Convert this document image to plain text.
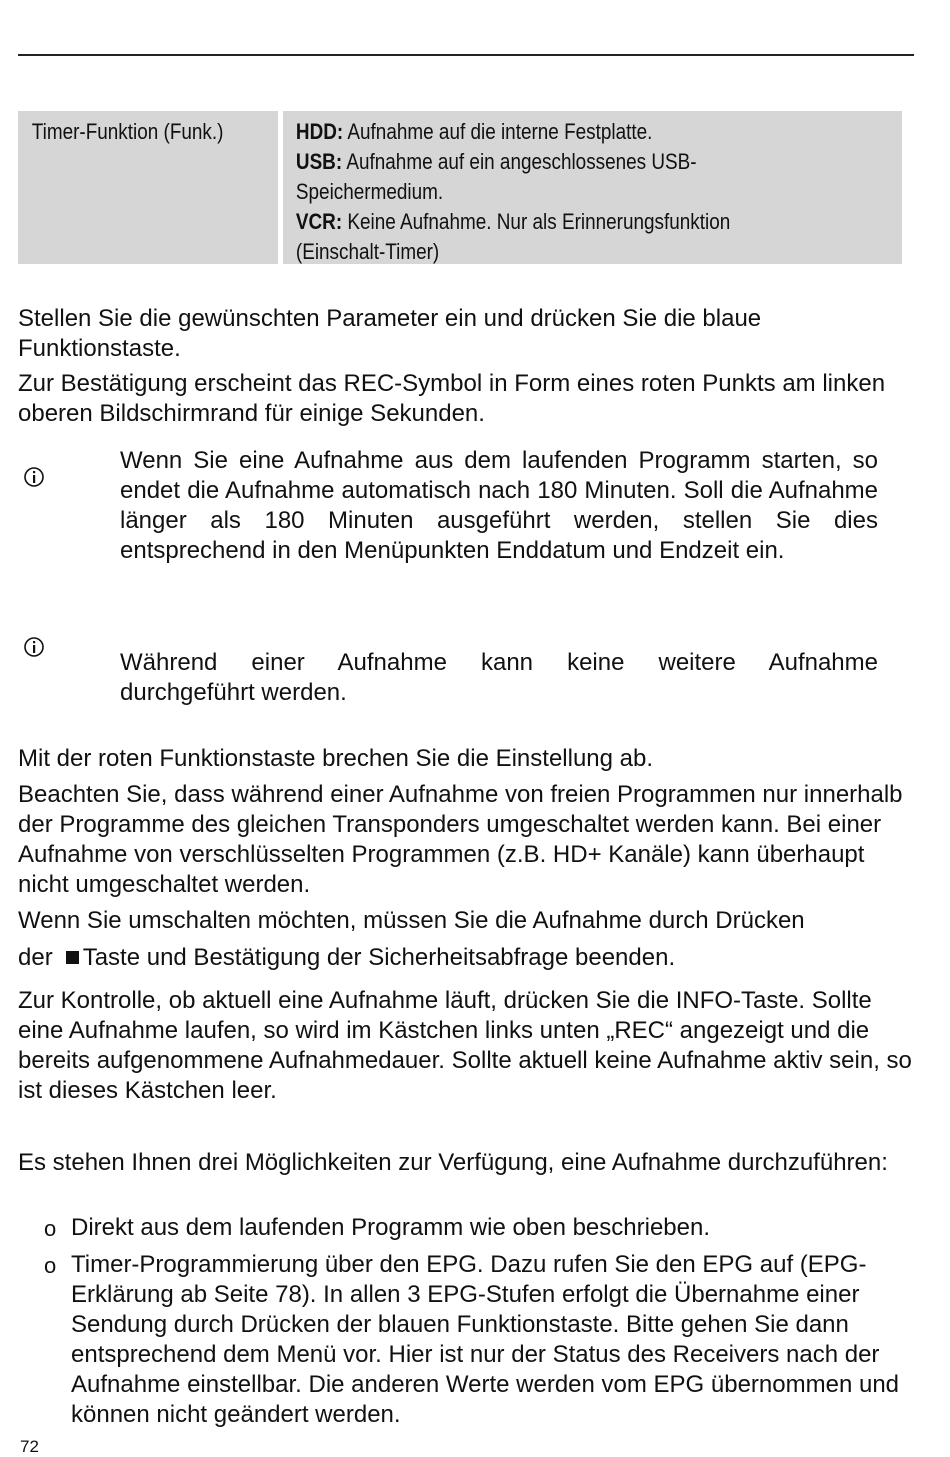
Timer-Funktion (Funk.)	HDD: Aufnahme auf die interne Festplatte.
USB: Aufnahme auf ein angeschlossenes USB-Speichermedium.
VCR: Keine Aufnahme. Nur als Erinnerungsfunktion (Einschalt-Timer)

Stellen Sie die gewünschten Parameter ein und drücken Sie die blaue Funktionstaste.

Zur Bestätigung erscheint das REC-Symbol in Form eines roten Punkts am linken oberen Bildschirmrand für einige Sekunden.

Wenn Sie eine Aufnahme aus dem laufenden Programm starten, so endet die Aufnahme automatisch nach 180 Minuten. Soll die Aufnahme länger als 180 Minuten ausgeführt werden, stellen Sie dies entsprechend in den Menüpunkten Enddatum und Endzeit ein.
Während einer Aufnahme kann keine weitere Aufnahme
durchgeführt werden.

Mit der roten Funktionstaste brechen Sie die Einstellung ab.

Beachten Sie, dass während einer Aufnahme von freien Programmen nur innerhalb der Programme des gleichen Transponders umgeschaltet werden kann. Bei einer Aufnahme von verschlüsselten Programmen (z.B. HD+ Kanäle) kann überhaupt nicht umgeschaltet werden.

Wenn Sie umschalten möchten, müssen Sie die Aufnahme durch Drücken

der Taste und Bestätigung der Sicherheitsabfrage beenden.

Zur Kontrolle, ob aktuell eine Aufnahme läuft, drücken Sie die INFO-Taste. Sollte eine Aufnahme laufen, so wird im Kästchen links unten „REC“ angezeigt und die bereits aufgenommene Aufnahmedauer. Sollte aktuell keine Aufnahme aktiv sein, so ist dieses Kästchen leer.

Es stehen Ihnen drei Möglichkeiten zur Verfügung, eine Aufnahme durchzuführen:

o Direkt aus dem laufenden Programm wie oben beschrieben.
o Timer-Programmierung über den EPG. Dazu rufen Sie den EPG auf (EPG-Erklärung ab Seite 78). In allen 3 EPG-Stufen erfolgt die Übernahme einer Sendung durch Drücken der blauen Funktionstaste. Bitte gehen Sie dann entsprechend dem Menü vor. Hier ist nur der Status des Receivers nach der Aufnahme einstellbar. Die anderen Werte werden vom EPG übernommen und können nicht geändert werden.
72
